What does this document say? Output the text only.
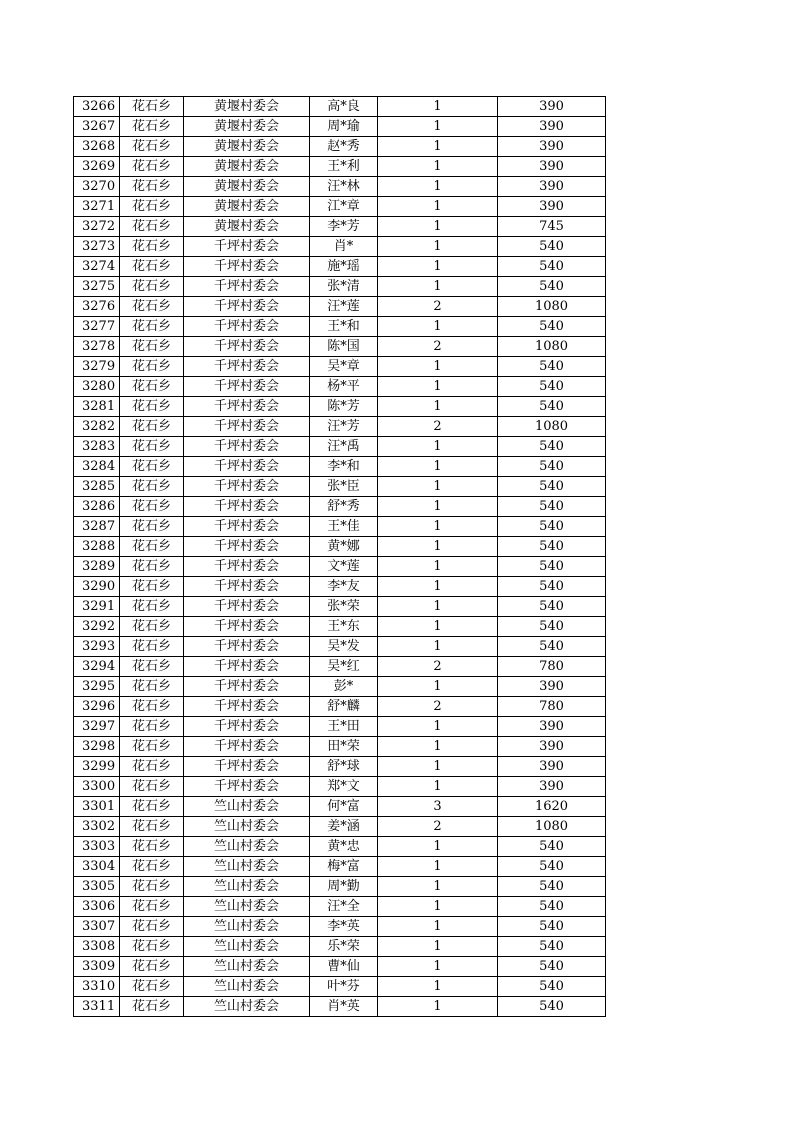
3266	花石乡	黄堰村委会	高*良	1	390
3267	花石乡	黄堰村委会	周*瑜	1	390
3268	花石乡	黄堰村委会	赵*秀	1	390
3269	花石乡	黄堰村委会	王*利	1	390
3270	花石乡	黄堰村委会	汪*林	1	390
3271	花石乡	黄堰村委会	江*章	1	390
3272	花石乡	黄堰村委会	李*芳	1	745
3273	花石乡	千坪村委会	肖*	1	540
3274	花石乡	千坪村委会	施*瑶	1	540
3275	花石乡	千坪村委会	张*清	1	540
3276	花石乡	千坪村委会	汪*莲	2	1080
3277	花石乡	千坪村委会	王*和	1	540
3278	花石乡	千坪村委会	陈*国	2	1080
3279	花石乡	千坪村委会	吴*章	1	540
3280	花石乡	千坪村委会	杨*平	1	540
3281	花石乡	千坪村委会	陈*芳	1	540
3282	花石乡	千坪村委会	汪*芳	2	1080
3283	花石乡	千坪村委会	汪*禹	1	540
3284	花石乡	千坪村委会	李*和	1	540
3285	花石乡	千坪村委会	张*臣	1	540
3286	花石乡	千坪村委会	舒*秀	1	540
3287	花石乡	千坪村委会	王*佳	1	540
3288	花石乡	千坪村委会	黄*娜	1	540
3289	花石乡	千坪村委会	文*莲	1	540
3290	花石乡	千坪村委会	李*友	1	540
3291	花石乡	千坪村委会	张*荣	1	540
3292	花石乡	千坪村委会	王*东	1	540
3293	花石乡	千坪村委会	吴*发	1	540
3294	花石乡	千坪村委会	吴*红	2	780
3295	花石乡	千坪村委会	彭*	1	390
3296	花石乡	千坪村委会	舒*麟	2	780
3297	花石乡	千坪村委会	王*田	1	390
3298	花石乡	千坪村委会	田*荣	1	390
3299	花石乡	千坪村委会	舒*球	1	390
3300	花石乡	千坪村委会	郑*文	1	390
3301	花石乡	竺山村委会	何*富	3	1620
3302	花石乡	竺山村委会	姜*涵	2	1080
3303	花石乡	竺山村委会	黄*忠	1	540
3304	花石乡	竺山村委会	梅*富	1	540
3305	花石乡	竺山村委会	周*勤	1	540
3306	花石乡	竺山村委会	汪*全	1	540
3307	花石乡	竺山村委会	李*英	1	540
3308	花石乡	竺山村委会	乐*荣	1	540
3309	花石乡	竺山村委会	曹*仙	1	540
3310	花石乡	竺山村委会	叶*芬	1	540
3311	花石乡	竺山村委会	肖*英	1	540
